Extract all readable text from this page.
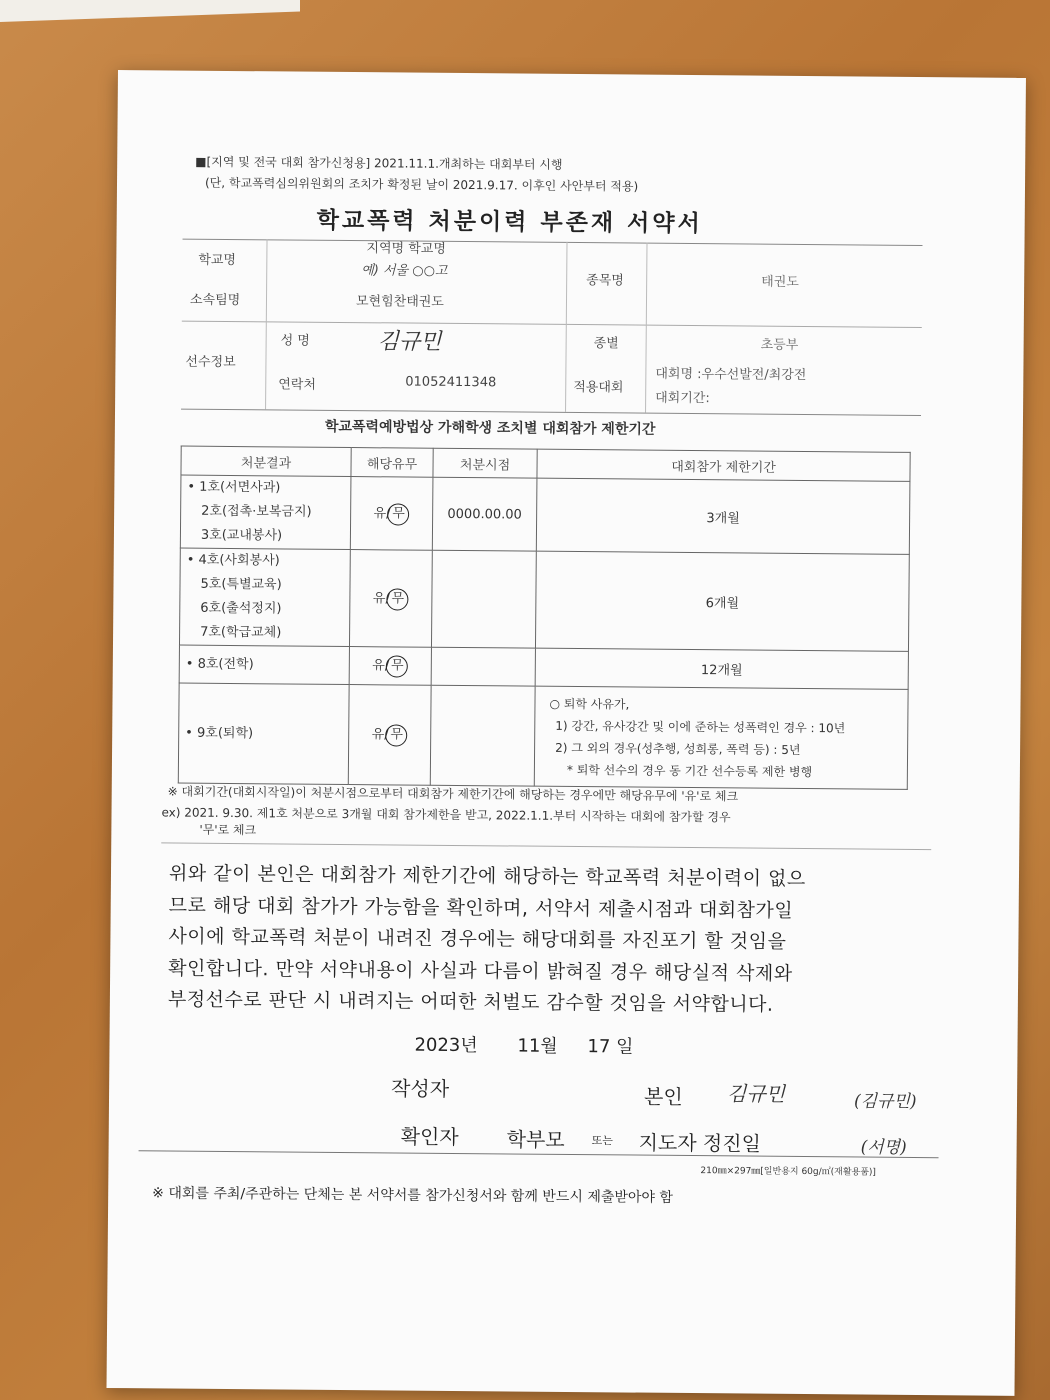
■[지역 및 전국 대회 참가신청용] 2021.11.1.개최하는 대회부터 시행
(단, 학교폭력심의위원회의 조치가 확정된 날이 2021.9.17. 이후인 사안부터 적용)
학교폭력 처분이력 부존재 서약서
학교명
지역명 학교명
예) 서울 ○○고
종목명	태권도
소속팀명	모현힘찬태권도
선수정보
성 명	김규민	종별	초등부
연락처	01052411348	적용대회
대회명 :우수선발전/최강전
대회기간:
학교폭력예방법상 가해학생 조치별 대회참가 제한기간
처분결과	해당유무	처분시점	대회참가 제한기간

• 1호(서면사과)
2호(접촉·보복금지)
3호(교내봉사)	유/ 무	0000.00.00	3개월

• 4호(사회봉사)
5호(특별교육)
6호(출석정지)
7호(학급교체)	유/ 무		6개월

• 8호(전학)	유/ 무		12개월

• 9호(퇴학)	유/ 무		○ 퇴학 사유가,
1) 강간, 유사강간 및 이에 준하는 성폭력인 경우 : 10년
2) 그 외의 경우(성추행, 성희롱, 폭력 등) : 5년
* 퇴학 선수의 경우 동 기간 선수등록 제한 병행
※ 대회기간(대회시작일)이 처분시점으로부터 대회참가 제한기간에 해당하는 경우에만 해당유무에 '유'로 체크
ex) 2021. 9.30. 제1호 처분으로 3개월 대회 참가제한을 받고, 2022.1.1.부터 시작하는 대회에 참가할 경우
'무'로 체크
위와 같이 본인은 대회참가 제한기간에 해당하는 학교폭력 처분이력이 없으
므로 해당 대회 참가가 가능함을 확인하며, 서약서 제출시점과 대회참가일
사이에 학교폭력 처분이 내려진 경우에는 해당대회를 자진포기 할 것임을
확인합니다. 만약 서약내용이 사실과 다름이 밝혀질 경우 해당실적 삭제와
부정선수로 판단 시 내려지는 어떠한 처벌도 감수할 것임을 서약합니다.
2023년 11월 17 일
작성자	본인 김규민	(김규민)
확인자 학부모 또는 지도자 정진일	(서명)
210㎜×297㎜[일반용지 60g/㎡(재활용품)]
※ 대회를 주최/주관하는 단체는 본 서약서를 참가신청서와 함께 반드시 제출받아야 함
